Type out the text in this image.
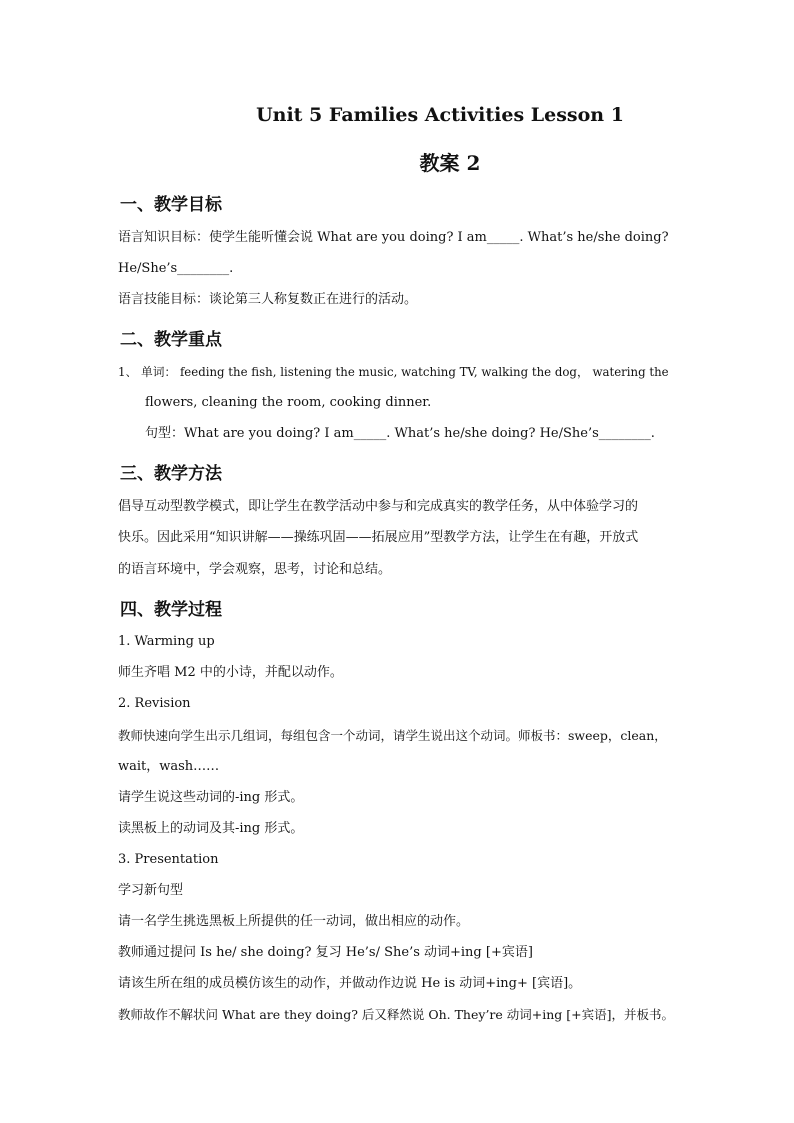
Unit 5 Families Activities Lesson 1
教案 2
一、教学目标
语言知识目标：使学生能听懂会说 What are you doing? I am_____. What’s he/she doing?
He/She’s________.
语言技能目标：谈论第三人称复数正在进行的活动。
二、教学重点
1、 单词： feeding the fish, listening the music, watching TV, walking the dog， watering the
flowers, cleaning the room, cooking dinner.
句型：What are you doing? I am_____. What’s he/she doing? He/She’s________.
三、教学方法
倡导互动型教学模式，即让学生在教学活动中参与和完成真实的教学任务，从中体验学习的
快乐。因此采用“知识讲解——操练巩固——拓展应用”型教学方法，让学生在有趣，开放式
的语言环境中，学会观察，思考，讨论和总结。
四、教学过程
1. Warming up
师生齐唱 M2 中的小诗，并配以动作。
2. Revision
教师快速向学生出示几组词，每组包含一个动词，请学生说出这个动词。师板书：sweep，clean，
wait，wash……
请学生说这些动词的-ing 形式。
读黑板上的动词及其-ing 形式。
3. Presentation
学习新句型
请一名学生挑选黑板上所提供的任一动词，做出相应的动作。
教师通过提问 Is he/ she doing? 复习 He’s/ She’s 动词+ing [+宾语]
请该生所在组的成员模仿该生的动作，并做动作边说 He is 动词+ing+ [宾语]。
教师故作不解状问 What are they doing? 后又释然说 Oh. They’re 动词+ing [+宾语]，并板书。
